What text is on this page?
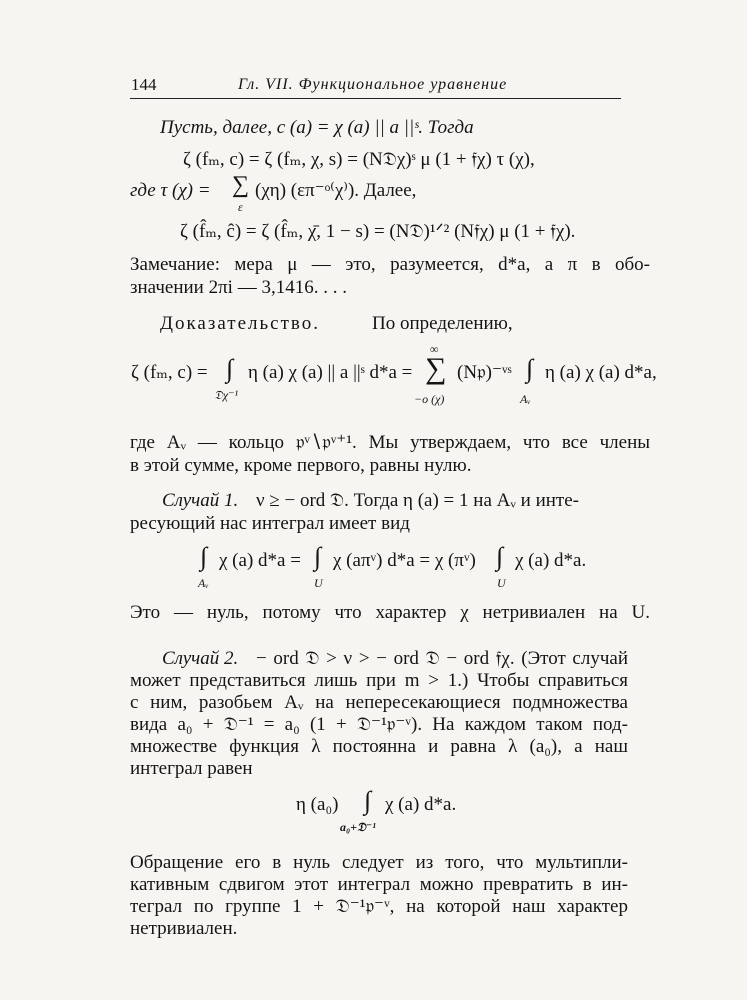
144	Гл. VII. Функциональное уравнение
Пусть, далее, c (a) = χ (a) || a ||ˢ. Тогда
ζ (fₘ, c) = ζ (fₘ, χ, s) = (N𝔇χ)ˢ μ (1 + 𝔣χ) τ (χ),
где τ (χ) = ∑
ε
(χη) (επ⁻ᵒ⁽χ⁾). Далее,
ζ (f̂ₘ, ĉ) = ζ (f̂ₘ, χ̄, 1 − s) = (N𝔇)¹ᐟ² (N𝔣χ) μ (1 + 𝔣χ).
Замечание: мера μ — это, разумеется, d*a, а π в обо-
значении 2πi — 3,1416. . . .
Доказательство.	По определению,
ζ (fₘ, c) = ∫
𝔇χ⁻¹
η (a) χ (a) || a ||ˢ d*a =
∞
∑
−o (χ)
(N𝔭)⁻ᵛˢ ∫
Aᵥ
η (a) χ (a) d*a,
где Aᵥ — кольцо 𝔭ᵛ∖𝔭ᵛ⁺¹. Мы утверждаем, что все члены
в этой сумме, кроме первого, равны нулю.
Случай 1. ν ≥ − ord 𝔇. Тогда η (a) = 1 на Aᵥ и инте-
ресующий нас интеграл имеет вид
∫
Aᵥ
χ (a) d*a = ∫
U
χ (aπᵛ) d*a = χ (πᵛ) ∫
U
χ (a) d*a.
Это — нуль, потому что характер χ нетривиален на U.
Случай 2. − ord 𝔇 > ν > − ord 𝔇 − ord 𝔣χ. (Этот случай
может представиться лишь при m > 1.) Чтобы справиться
с ним, разобьем Aᵥ на непересекающиеся подмножества
вида a₀ + 𝔇⁻¹ = a₀ (1 + 𝔇⁻¹𝔭⁻ᵛ). На каждом таком под-
множестве функция λ постоянна и равна λ (a₀), а наш
интеграл равен
η (a₀) ∫
a₀+𝔇⁻¹
χ (a) d*a.
Обращение его в нуль следует из того, что мультипли-
кативным сдвигом этот интеграл можно превратить в ин-
теграл по группе 1 + 𝔇⁻¹𝔭⁻ᵛ, на которой наш характер
нетривиален.
